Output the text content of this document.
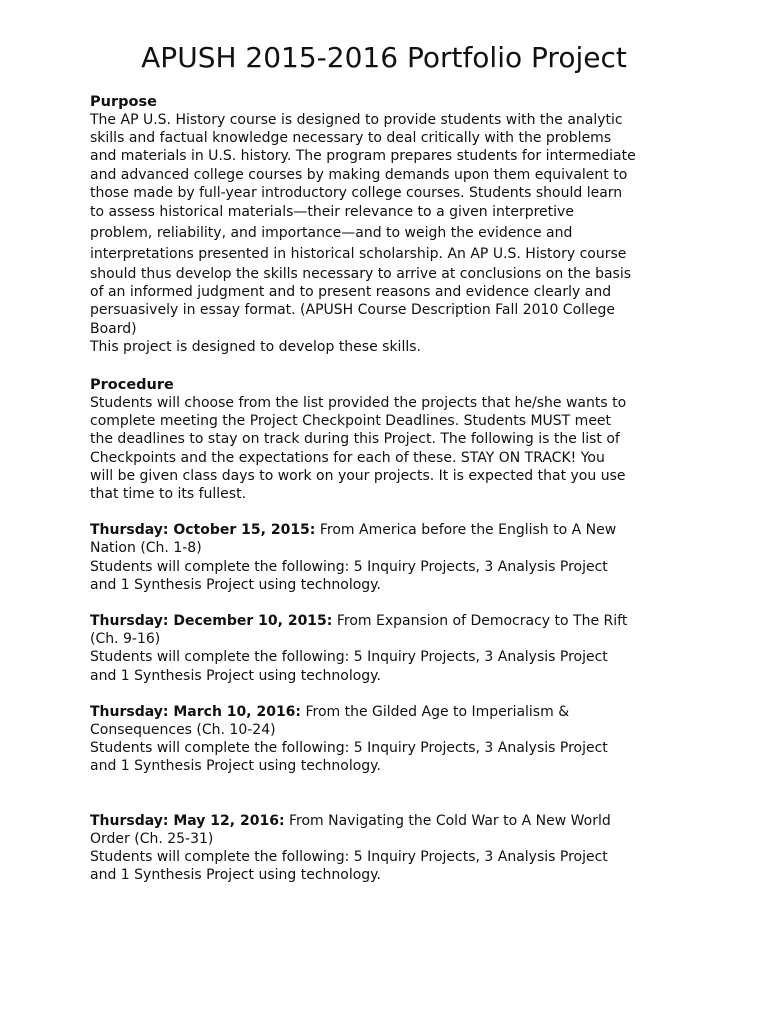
APUSH 2015-2016 Portfolio Project

Purpose

The AP U.S. History course is designed to provide students with the analytic
skills and factual knowledge necessary to deal critically with the problems
and materials in U.S. history. The program prepares students for intermediate
and advanced college courses by making demands upon them equivalent to
those made by full-year introductory college courses. Students should learn
to assess historical materials—their relevance to a given interpretive
problem, reliability, and importance—and to weigh the evidence and
interpretations presented in historical scholarship. An AP U.S. History course
should thus develop the skills necessary to arrive at conclusions on the basis
of an informed judgment and to present reasons and evidence clearly and
persuasively in essay format. (APUSH Course Description Fall 2010 College
Board)
This project is designed to develop these skills.

Procedure

Students will choose from the list provided the projects that he/she wants to
complete meeting the Project Checkpoint Deadlines. Students MUST meet
the deadlines to stay on track during this Project. The following is the list of
Checkpoints and the expectations for each of these. STAY ON TRACK! You
will be given class days to work on your projects. It is expected that you use
that time to its fullest.

Thursday: October 15, 2015: From America before the English to A New
Nation (Ch. 1-8)
Students will complete the following: 5 Inquiry Projects, 3 Analysis Project
and 1 Synthesis Project using technology.

Thursday: December 10, 2015: From Expansion of Democracy to The Rift
(Ch. 9-16)
Students will complete the following: 5 Inquiry Projects, 3 Analysis Project
and 1 Synthesis Project using technology.

Thursday: March 10, 2016: From the Gilded Age to Imperialism &
Consequences (Ch. 10-24)
Students will complete the following: 5 Inquiry Projects, 3 Analysis Project
and 1 Synthesis Project using technology.

Thursday: May 12, 2016: From Navigating the Cold War to A New World
Order (Ch. 25-31)
Students will complete the following: 5 Inquiry Projects, 3 Analysis Project
and 1 Synthesis Project using technology.
